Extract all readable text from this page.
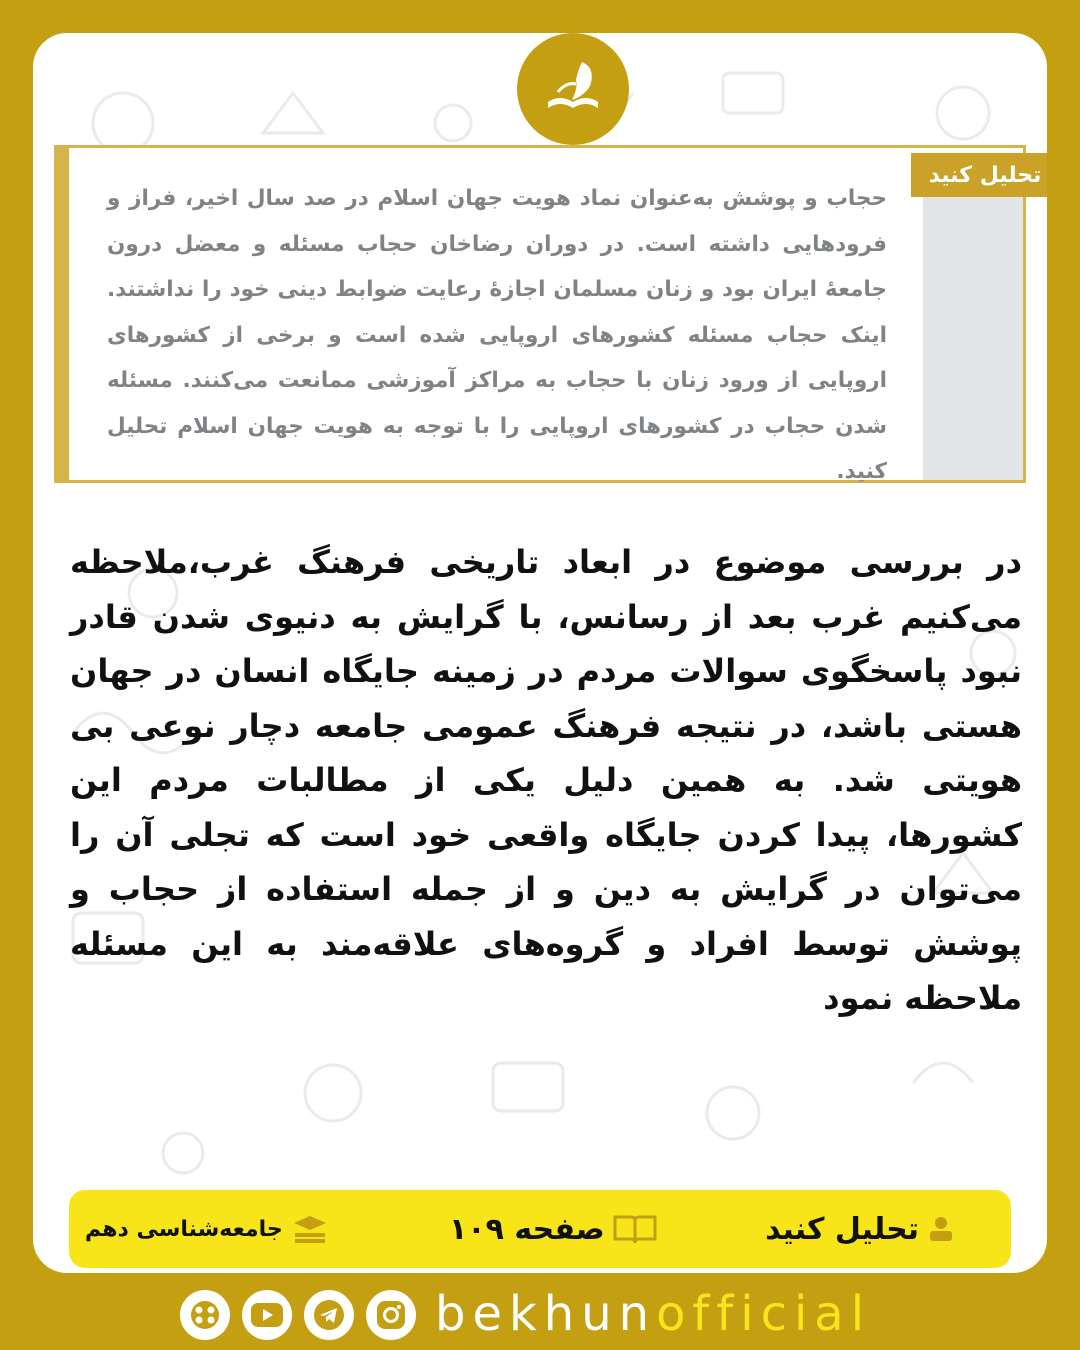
تحلیل کنید
حجاب و پوشش به‌عنوان نماد هویت جهان اسلام در صد سال اخیر، فراز و فرودهایی داشته است. در دوران رضاخان حجاب مسئله و معضل درون جامعهٔ ایران بود و زنان مسلمان اجازهٔ رعایت ضوابط دینی خود را نداشتند. اینک حجاب مسئله کشورهای اروپایی شده است و برخی از کشورهای اروپایی از ورود زنان با حجاب به مراکز آموزشی ممانعت می‌کنند. مسئله شدن حجاب در کشورهای اروپایی را با توجه به هویت جهان اسلام تحلیل کنید.
در بررسی موضوع در ابعاد تاریخی فرهنگ غرب،ملاحظه می‌کنیم غرب بعد از رسانس، با گرایش به دنیوی شدن قادر نبود پاسخگوی سوالات مردم در زمینه جایگاه انسان در جهان هستی باشد، در نتیجه فرهنگ عمومی جامعه دچار نوعی بی هویتی شد. به همین دلیل یکی از مطالبات مردم این کشورها، پیدا کردن جایگاه واقعی خود است که تجلی آن را می‌توان در گرایش به دین و از جمله استفاده از حجاب و پوشش توسط افراد و گروه‌های علاقه‌مند به این مسئله ملاحظه نمود
تحلیل کنید
صفحه ۱۰۹
جامعه‌شناسی دهم
bekhunofficial
